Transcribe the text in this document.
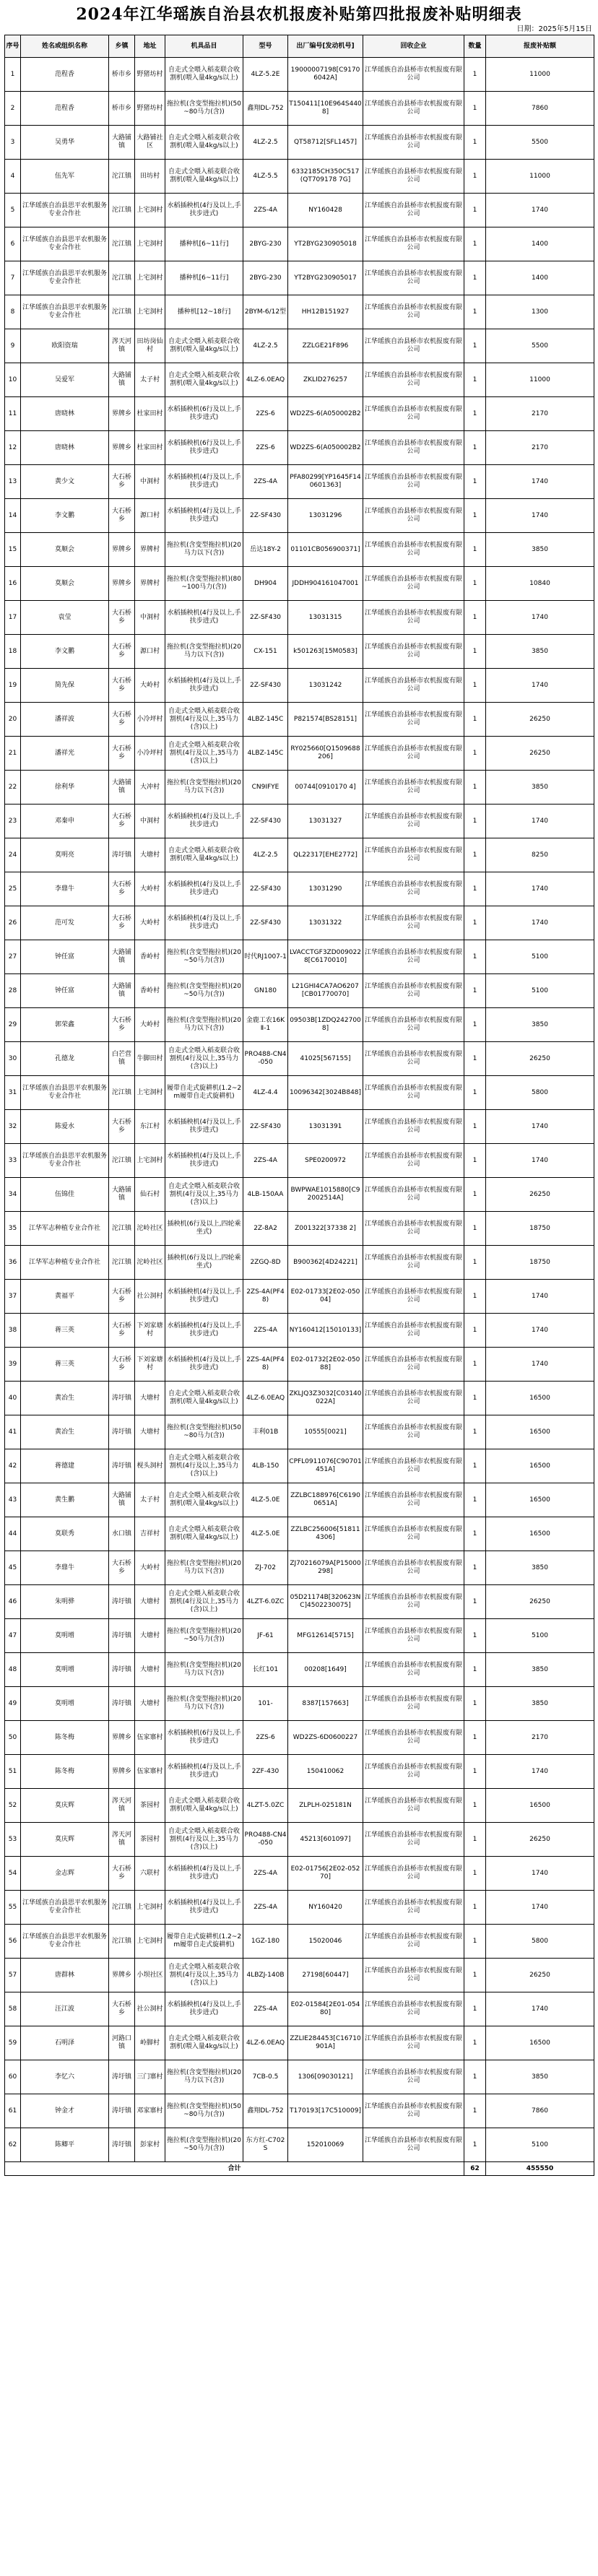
2024年江华瑶族自治县农机报废补贴第四批报废补贴明细表
日期：2025年5月15日
序号	姓名或组织名称	乡镇	地址	机具品目	型号	出厂编号[发动机号]	回收企业	数量	报废补贴额
1	范程香	桥市乡	野猪坊村	自走式全喂入稻麦联合收割机(喂入量4kg/s以上)	4LZ-5.2E	19000007198[C91706042A]	江华瑶族自治县桥市农机报废有限公司	1	11000
2	范程香	桥市乡	野猪坊村	拖拉机(含变型拖拉机)(50~80马力(含))	鑫翔DL-752	T150411[10E964S4408]	江华瑶族自治县桥市农机报废有限公司	1	7860
3	吴勇华	大路铺镇	大路铺社区	自走式全喂入稻麦联合收割机(喂入量4kg/s以上)	4LZ-2.5	QT58712[SFL1457]	江华瑶族自治县桥市农机报废有限公司	1	5500
4	伍先军	沱江镇	田坊村	自走式全喂入稻麦联合收割机(喂入量4kg/s以上)	4LZ-5.5	6332185CH350C517(QT709178 7G]	江华瑶族自治县桥市农机报废有限公司	1	11000
5	江华瑶族自治县思平农机服务专业合作社	沱江镇	上宅洞村	水稻插秧机(4行及以上,手扶步进式)	2ZS-4A	NY160428	江华瑶族自治县桥市农机报废有限公司	1	1740
6	江华瑶族自治县思平农机服务专业合作社	沱江镇	上宅洞村	播种机[6~11行]	2BYG-230	YT2BYG230905018	江华瑶族自治县桥市农机报废有限公司	1	1400
7	江华瑶族自治县思平农机服务专业合作社	沱江镇	上宅洞村	播种机[6~11行]	2BYG-230	YT2BYG230905017	江华瑶族自治县桥市农机报废有限公司	1	1400
8	江华瑶族自治县思平农机服务专业合作社	沱江镇	上宅洞村	播种机[12~18行]	2BYM-6/12型	HH12B151927	江华瑶族自治县桥市农机报废有限公司	1	1300
9	欧阳资瑞	涔天河镇	田坊岗仙村	自走式全喂入稻麦联合收割机(喂入量4kg/s以上)	4LZ-2.5	ZZLGE21F896	江华瑶族自治县桥市农机报废有限公司	1	5500
10	吴爱军	大路铺镇	太子村	自走式全喂入稻麦联合收割机(喂入量4kg/s以上)	4LZ-6.0EAQ	ZKLID276257	江华瑶族自治县桥市农机报废有限公司	1	11000
11	唐晓林	界牌乡	杜家田村	水稻插秧机(6行及以上,手扶步进式)	2ZS-6	WD2ZS-6(A050002B2	江华瑶族自治县桥市农机报废有限公司	1	2170
12	唐晓林	界牌乡	杜家田村	水稻插秧机(6行及以上,手扶步进式)	2ZS-6	WD2ZS-6(A050002B2	江华瑶族自治县桥市农机报废有限公司	1	2170
13	黄少文	大石桥乡	中洞村	水稻插秧机(4行及以上,手扶步进式)	2ZS-4A	PFA80299[YP1645F140601363]	江华瑶族自治县桥市农机报废有限公司	1	1740
14	李文鹏	大石桥乡	源口村	水稻插秧机(4行及以上,手扶步进式)	2Z-SF430	13031296	江华瑶族自治县桥市农机报废有限公司	1	1740
15	莫顺会	界牌乡	界牌村	拖拉机(含变型拖拉机)(20马力以下(含))	岳达18Y-2	01101CB056900371]	江华瑶族自治县桥市农机报废有限公司	1	3850
16	莫顺会	界牌乡	界牌村	拖拉机(含变型拖拉机)(80~100马力(含))	DH904	JDDH904161047001	江华瑶族自治县桥市农机报废有限公司	1	10840
17	袁莹	大石桥乡	中洞村	水稻插秧机(4行及以上,手扶步进式)	2Z-SF430	13031315	江华瑶族自治县桥市农机报废有限公司	1	1740
18	李文鹏	大石桥乡	源口村	拖拉机(含变型拖拉机)(20马力以下(含))	CX-151	k501263[15M0583]	江华瑶族自治县桥市农机报废有限公司	1	3850
19	简先保	大石桥乡	大岭村	水稻插秧机(4行及以上,手扶步进式)	2Z-SF430	13031242	江华瑶族自治县桥市农机报废有限公司	1	1740
20	潘祥波	大石桥乡	小冷坪村	自走式全喂入稻麦联合收割机(4行及以上,35马力(含)以上)	4LBZ-145C	P821574[BS28151]	江华瑶族自治县桥市农机报废有限公司	1	26250
21	潘祥光	大石桥乡	小冷坪村	自走式全喂入稻麦联合收割机(4行及以上,35马力(含)以上)	4LBZ-145C	RY025660[Q1509688206]	江华瑶族自治县桥市农机报废有限公司	1	26250
22	徐利华	大路铺镇	大冲村	拖拉机(含变型拖拉机)(20马力以下(含))	CN9IFYE	00744[0910170 4]	江华瑶族自治县桥市农机报废有限公司	1	3850
23	邓秦申	大石桥乡	中洞村	水稻插秧机(4行及以上,手扶步进式)	2Z-SF430	13031327	江华瑶族自治县桥市农机报废有限公司	1	1740
24	莫明亮	涛圩镇	大塘村	自走式全喂入稻麦联合收割机(喂入量4kg/s以上)	4LZ-2.5	QL22317[EHE2772]	江华瑶族自治县桥市农机报废有限公司	1	8250
25	李鼎牛	大石桥乡	大岭村	水稻插秧机(4行及以上,手扶步进式)	2Z-SF430	13031290	江华瑶族自治县桥市农机报废有限公司	1	1740
26	范可发	大石桥乡	大岭村	水稻插秧机(4行及以上,手扶步进式)	2Z-SF430	13031322	江华瑶族自治县桥市农机报废有限公司	1	1740
27	钟任富	大路铺镇	香岭村	拖拉机(含变型拖拉机)(20~50马力(含))	时代RJ1007-1	LVACCTGF3ZD0090228[C6170010]	江华瑶族自治县桥市农机报废有限公司	1	5100
28	钟任富	大路铺镇	香岭村	拖拉机(含变型拖拉机)(20~50马力(含))	GN180	L21GHI4CA7AO6207[CB01770070]	江华瑶族自治县桥市农机报废有限公司	1	5100
29	郭荣鑫	大石桥乡	大岭村	拖拉机(含变型拖拉机)(20马力以下(含))	金鹿工农16K Ⅱ-1	09503B[1ZDQ2427008]	江华瑶族自治县桥市农机报废有限公司	1	3850
30	孔德龙	白芒营镇	牛脚田村	自走式全喂入稻麦联合收割机(4行及以上,35马力(含)以上)	PRO488-CN4-050	41025[567155]	江华瑶族自治县桥市农机报废有限公司	1	26250
31	江华瑶族自治县思平农机服务专业合作社	沱江镇	上宅洞村	履带自走式旋耕机(1.2~2m履带自走式旋耕机)	4LZ-4.4	10096342[3024B848]	江华瑶族自治县桥市农机报废有限公司	1	5800
32	陈爱水	大石桥乡	东江村	水稻插秧机(4行及以上,手扶步进式)	2Z-SF430	13031391	江华瑶族自治县桥市农机报废有限公司	1	1740
33	江华瑶族自治县思平农机服务专业合作社	沱江镇	上宅洞村	水稻插秧机(4行及以上,手扶步进式)	2ZS-4A	SPE0200972	江华瑶族自治县桥市农机报废有限公司	1	1740
34	伍锦佳	大路铺镇	仙石村	自走式全喂入稻麦联合收割机(4行及以上,35马力(含)以上)	4LB-150AA	BWPWAE1015880[C92002514A]	江华瑶族自治县桥市农机报废有限公司	1	26250
35	江华军志种植专业合作社	沱江镇	沱岭社区	插秧机(6行及以上,四轮乘坐式)	2Z-8A2	Z001322[37338 2]	江华瑶族自治县桥市农机报废有限公司	1	18750
36	江华军志种植专业合作社	沱江镇	沱岭社区	插秧机(6行及以上,四轮乘坐式)	2ZGQ-8D	B900362[4D24221]	江华瑶族自治县桥市农机报废有限公司	1	18750
37	黄福平	大石桥乡	社公洞村	水稻插秧机(4行及以上,手扶步进式)	2ZS-4A(PF48)	E02-01733[2E02-05004]	江华瑶族自治县桥市农机报废有限公司	1	1740
38	蒋三英	大石桥乡	下刘家塘村	水稻插秧机(4行及以上,手扶步进式)	2ZS-4A	NY160412[15010133]	江华瑶族自治县桥市农机报废有限公司	1	1740
39	蒋三英	大石桥乡	下刘家塘村	水稻插秧机(4行及以上,手扶步进式)	2ZS-4A(PF48)	E02-01732[2E02-05088]	江华瑶族自治县桥市农机报废有限公司	1	1740
40	黄冶生	涛圩镇	大塘村	自走式全喂入稻麦联合收割机(喂入量4kg/s以上)	4LZ-6.0EAQ	ZKLJQ3Z3032[C03140022A]	江华瑶族自治县桥市农机报废有限公司	1	16500
41	黄冶生	涛圩镇	大塘村	拖拉机(含变型拖拉机)(50~80马力(含))	丰利01B	10555[0021]	江华瑶族自治县桥市农机报废有限公司	1	16500
42	蒋德建	涛圩镇	枧头洞村	自走式全喂入稻麦联合收割机(4行及以上,35马力(含)以上)	4LB-150	CPFL0911076[C90701451A]	江华瑶族自治县桥市农机报废有限公司	1	16500
43	黄生鹏	大路铺镇	太子村	自走式全喂入稻麦联合收割机(喂入量4kg/s以上)	4LZ-5.0E	ZZLBC188976[C61900651A]	江华瑶族自治县桥市农机报废有限公司	1	16500
44	莫联秀	水口镇	吉祥村	自走式全喂入稻麦联合收割机(喂入量4kg/s以上)	4LZ-5.0E	ZZLBC256006[518114306]	江华瑶族自治县桥市农机报废有限公司	1	16500
45	李鼎牛	大石桥乡	大岭村	拖拉机(含变型拖拉机)(20马力以下(含))	ZJ-702	ZJ70216079A[P15000298]	江华瑶族自治县桥市农机报废有限公司	1	3850
46	朱明骅	涛圩镇	大塘村	自走式全喂入稻麦联合收割机(4行及以上,35马力(含)以上)	4LZT-6.0ZC	05D21174B[320623N C]4502230075]	江华瑶族自治县桥市农机报废有限公司	1	26250
47	莫明增	涛圩镇	大塘村	拖拉机(含变型拖拉机)(20~50马力(含))	JF-61	MFG12614[5715]	江华瑶族自治县桥市农机报废有限公司	1	5100
48	莫明增	涛圩镇	大塘村	拖拉机(含变型拖拉机)(20马力以下(含))	长红101	00208[1649]	江华瑶族自治县桥市农机报废有限公司	1	3850
49	莫明增	涛圩镇	大塘村	拖拉机(含变型拖拉机)(20马力以下(含))	101-	8387[157663]	江华瑶族自治县桥市农机报废有限公司	1	3850
50	陈冬梅	界牌乡	伍家寨村	水稻插秧机(6行及以上,手扶步进式)	2ZS-6	WD2ZS-6D0600227	江华瑶族自治县桥市农机报废有限公司	1	2170
51	陈冬梅	界牌乡	伍家寨村	水稻插秧机(4行及以上,手扶步进式)	2ZF-430	150410062	江华瑶族自治县桥市农机报废有限公司	1	1740
52	莫庆辉	涔天河镇	茶园村	自走式全喂入稻麦联合收割机(喂入量4kg/s以上)	4LZT-5.0ZC	ZLPLH-025181N	江华瑶族自治县桥市农机报废有限公司	1	16500
53	莫庆辉	涔天河镇	茶园村	自走式全喂入稻麦联合收割机(4行及以上,35马力(含)以上)	PRO488-CN4-050	45213[601097]	江华瑶族自治县桥市农机报废有限公司	1	26250
54	金志辉	大石桥乡	六联村	水稻插秧机(4行及以上,手扶步进式)	2ZS-4A	E02-01756[2E02-05270]	江华瑶族自治县桥市农机报废有限公司	1	1740
55	江华瑶族自治县思平农机服务专业合作社	沱江镇	上宅洞村	水稻插秧机(4行及以上,手扶步进式)	2ZS-4A	NY160420	江华瑶族自治县桥市农机报废有限公司	1	1740
56	江华瑶族自治县思平农机服务专业合作社	沱江镇	上宅洞村	履带自走式旋耕机(1.2~2m履带自走式旋耕机)	1GZ-180	15020046	江华瑶族自治县桥市农机报废有限公司	1	5800
57	唐群林	界牌乡	小坝社区	自走式全喂入稻麦联合收割机(4行及以上,35马力(含)以上)	4LBZJ-140B	27198[60447]	江华瑶族自治县桥市农机报废有限公司	1	26250
58	汪江波	大石桥乡	社公洞村	水稻插秧机(4行及以上,手扶步进式)	2ZS-4A	E02-01584[2E01-05480]	江华瑶族自治县桥市农机报废有限公司	1	1740
59	石明泽	河路口镇	岭脚村	自走式全喂入稻麦联合收割机(喂入量4kg/s以上)	4LZ-6.0EAQ	ZZLIE284453[C16710901A]	江华瑶族自治县桥市农机报废有限公司	1	16500
60	李忆六	涛圩镇	三门寨村	拖拉机(含变型拖拉机)(20马力以下(含))	7CB-0.5	1306[09030121]	江华瑶族自治县桥市农机报废有限公司	1	3850
61	钟金才	涛圩镇	邓家寨村	拖拉机(含变型拖拉机)(50~80马力(含))	鑫翔DL-752	T170193[17C510009]	江华瑶族自治县桥市农机报废有限公司	1	7860
62	陈卿平	涛圩镇	彭家村	拖拉机(含变型拖拉机)(20~50马力(含))	东方红-C702S	152010069	江华瑶族自治县桥市农机报废有限公司	1	5100
合计								62	455550
